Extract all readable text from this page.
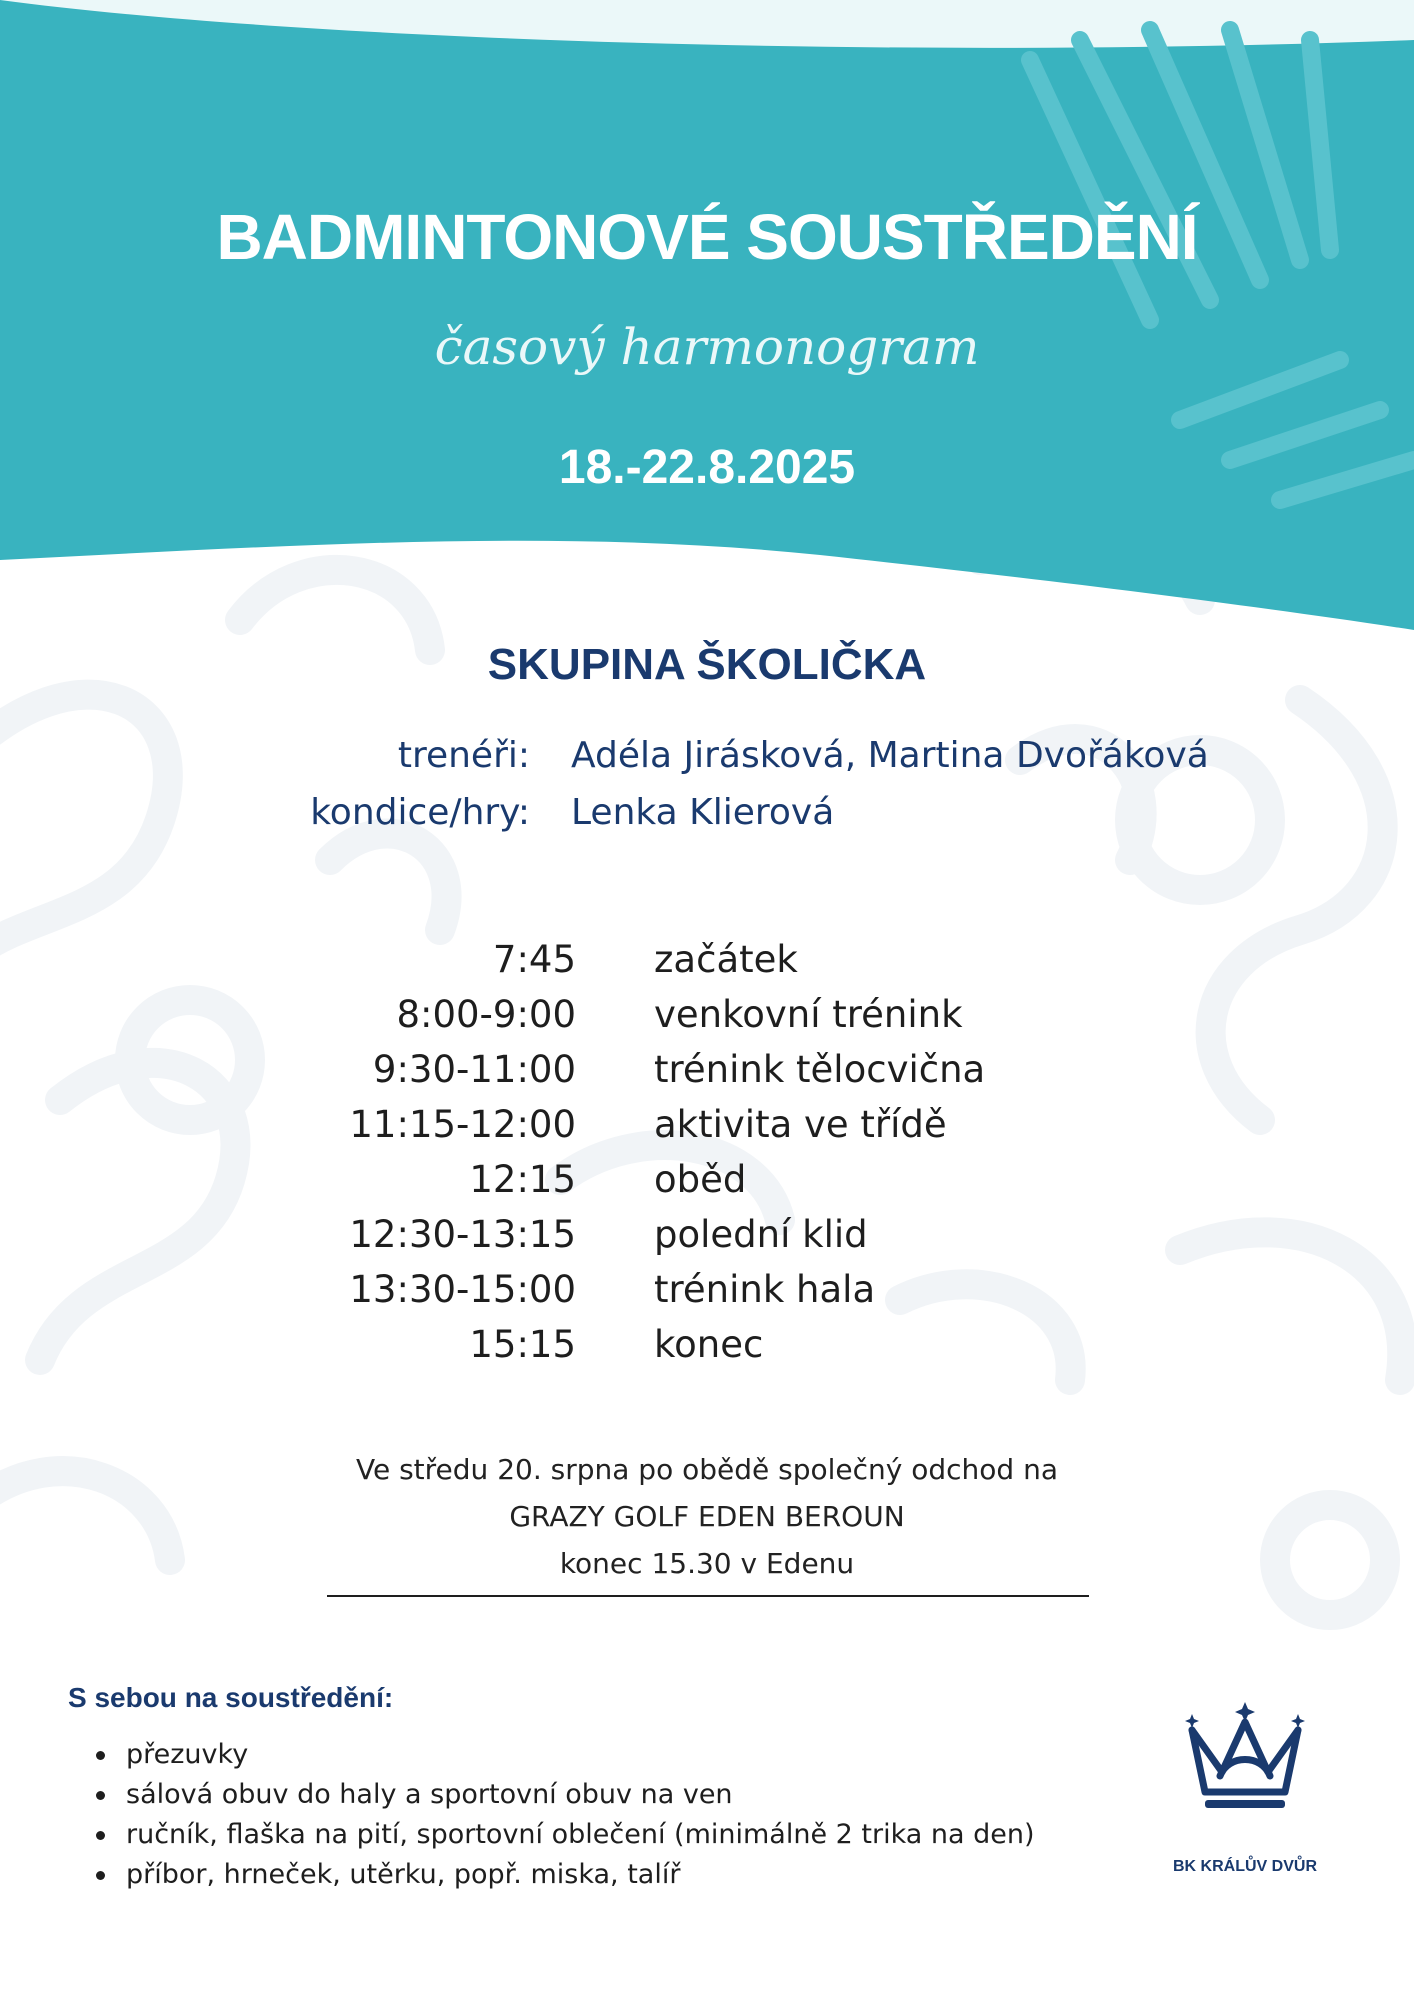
BADMINTONOVÉ SOUSTŘEDĚNÍ
časový harmonogram
18.-22.8.2025
SKUPINA ŠKOLIČKA
trenéři: Adéla Jirásková, Martina Dvořáková
kondice/hry: Lenka Klierová
7:45 začátek
8:00-9:00 venkovní trénink
9:30-11:00 trénink tělocvična
11:15-12:00 aktivita ve třídě
12:15 oběd
12:30-13:15 polední klid
13:30-15:00 trénink hala
15:15 konec
Ve středu 20. srpna po obědě společný odchod na
GRAZY GOLF EDEN BEROUN
konec 15.30 v Edenu
S sebou na soustředění:
přezuvky
sálová obuv do haly a sportovní obuv na ven
ručník, flaška na pití, sportovní oblečení (minimálně 2 trika na den)
příbor, hrneček, utěrku, popř. miska, talíř	BK KRÁLŮV DVŮR
